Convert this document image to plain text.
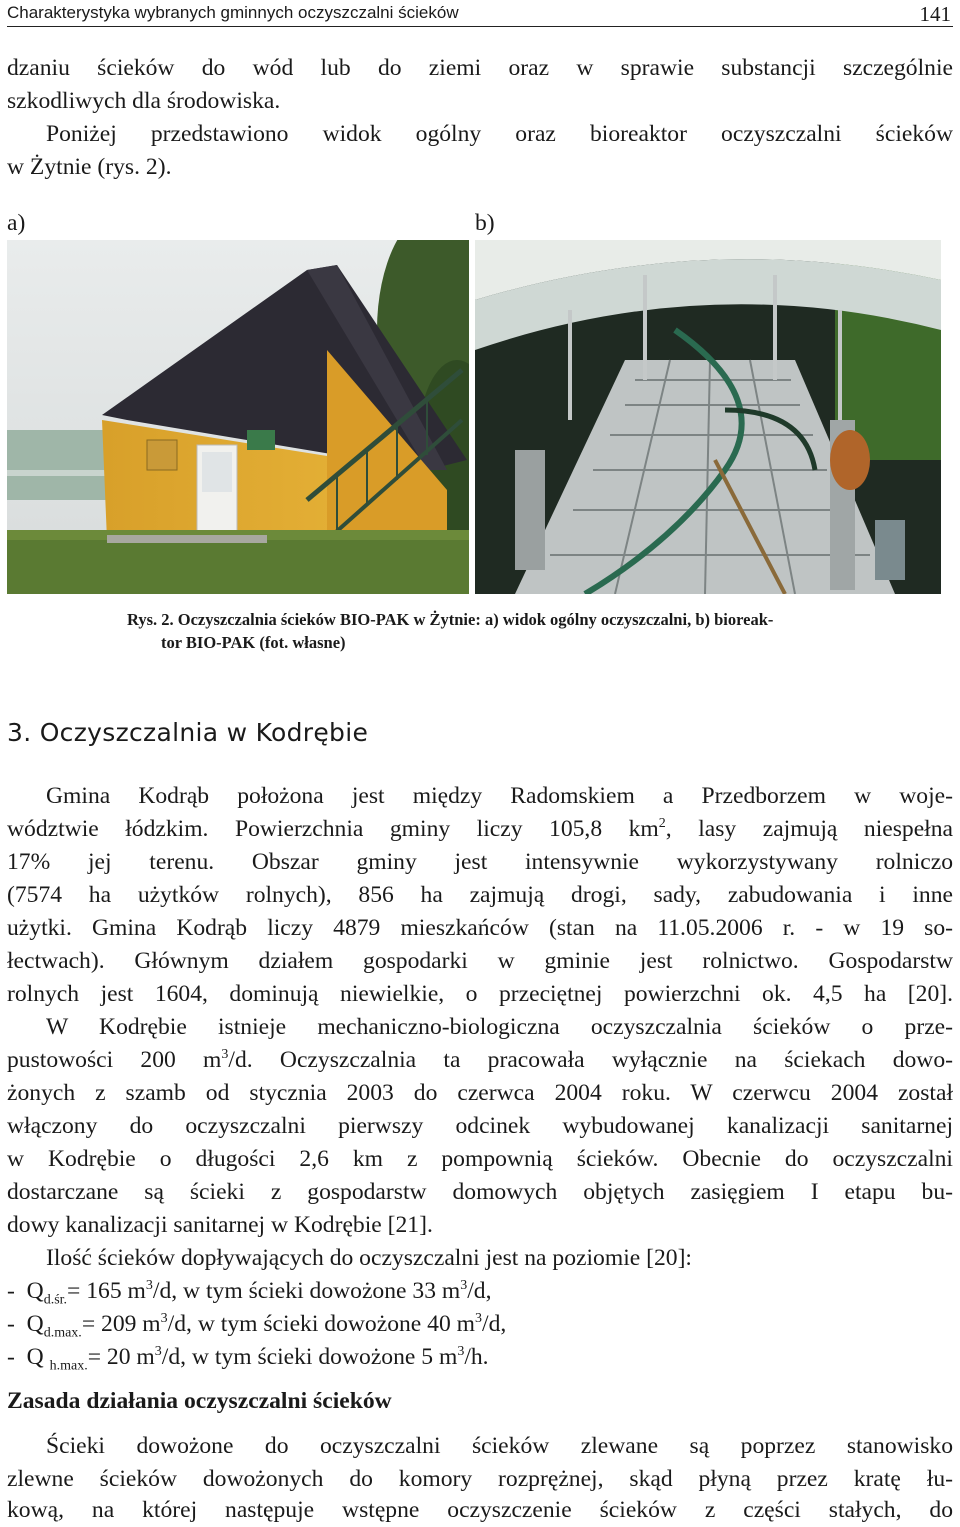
Charakterystyka wybranych gminnych oczyszczalni ścieków	141
dzaniu ścieków do wód lub do ziemi oraz w sprawie substancji szczególnie
szkodliwych dla środowiska.
Poniżej przedstawiono widok ogólny oraz bioreaktor oczyszczalni ścieków
w Żytnie (rys. 2).
a)	b)
Rys. 2. Oczyszczalnia ścieków BIO-PAK w Żytnie: a) widok ogólny oczyszczalni, b) bioreak-
tor BIO-PAK (fot. własne)
3. Oczyszczalnia w Kodrębie
Gmina Kodrąb położona jest między Radomskiem a Przedborzem w woje-
wództwie łódzkim. Powierzchnia gminy liczy 105,8 $km^2$, lasy zajmują niespełna
17% jej terenu. Obszar gminy jest intensywnie wykorzystywany rolniczo
(7574 ha użytków rolnych), 856 ha zajmują drogi, sady, zabudowania i inne
użytki. Gmina Kodrąb liczy 4879 mieszkańców (stan na 11.05.2006 r. - w 19 so-
łectwach). Głównym działem gospodarki w gminie jest rolnictwo. Gospodarstw
rolnych jest 1604, dominują niewielkie, o przeciętnej powierzchni ok. 4,5 ha [20].
W Kodrębie istnieje mechaniczno-biologiczna oczyszczalnia ścieków o prze-
pustowości 200 $m^3/d$. Oczyszczalnia ta pracowała wyłącznie na ściekach dowo-
żonych z szamb od stycznia 2003 do czerwca 2004 roku. W czerwcu 2004 został
włączony do oczyszczalni pierwszy odcinek wybudowanej kanalizacji sanitarnej
w Kodrębie o długości 2,6 km z pompownią ścieków. Obecnie do oczyszczalni
dostarczane są ścieki z gospodarstw domowych objętych zasięgiem I etapu bu-
dowy kanalizacji sanitarnej w Kodrębie [21].
Ilość ścieków dopływających do oczyszczalni jest na poziomie [20]:
- $Q_{d.śr.}= 165$ $m^3/d$, w tym ścieki dowożone 33 $m^3/d$,
- $Q_{d.max.}= 209$ $m^3/d$, w tym ścieki dowożone 40 $m^3/d$,
- Q $_{h.max.}$= 20 $m^3/d$, w tym ścieki dowożone 5 $m^3/h$.
Zasada działania oczyszczalni ścieków
Ścieki dowożone do oczyszczalni ścieków zlewane są poprzez stanowisko
zlewne ścieków dowożonych do komory rozprężnej, skąd płyną przez kratę łu-
kową, na której następuje wstępne oczyszczenie ścieków z części stałych, do
